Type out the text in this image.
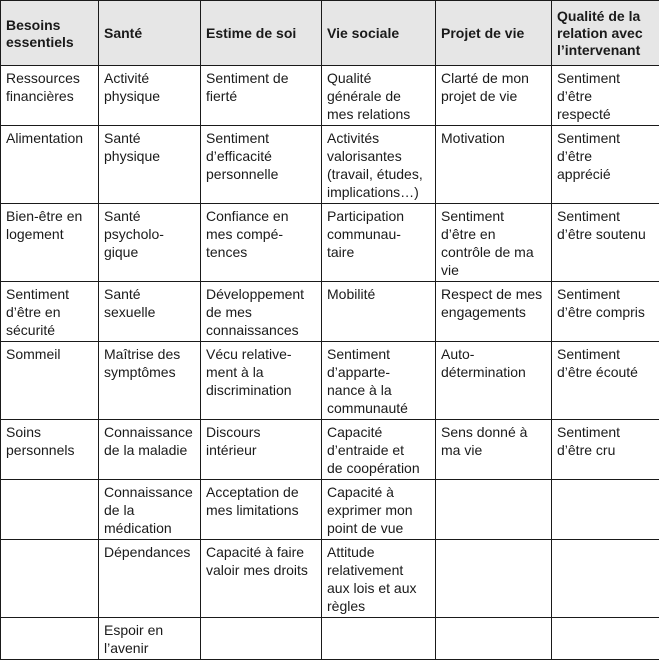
Besoins
essentiels	Santé	Estime de soi	Vie sociale	Projet de vie	Qualité de la
relation avec
l’intervenant

Ressources
financières	Activité
physique	Sentiment de
fierté	Qualité
générale de
mes relations	Clarté de mon
projet de vie	Sentiment
d’être
respecté

Alimentation	Santé
physique	Sentiment
d’efficacité
personnelle	Activités
valorisantes
(travail, études,
implications…)	Motivation	Sentiment
d’être
apprécié

Bien-être en
logement	Santé
psycholo-
gique	Confiance en
mes compé-
tences	Participation
communau-
taire	Sentiment
d’être en
contrôle de ma
vie	Sentiment
d’être soutenu

Sentiment
d’être en
sécurité	Santé
sexuelle	Développement
de mes
connaissances	Mobilité	Respect de mes
engagements	Sentiment
d’être compris

Sommeil	Maîtrise des
symptômes	Vécu relative-
ment à la
discrimination	Sentiment
d’apparte-
nance à la
communauté	Auto-
détermination	Sentiment
d’être écouté

Soins
personnels	Connaissance
de la maladie	Discours
intérieur	Capacité
d’entraide et
de coopération	Sens donné à
ma vie	Sentiment
d’être cru

	Connaissance
de la
médication	Acceptation de
mes limitations	Capacité à
exprimer mon
point de vue		

	Dépendances	Capacité à faire
valoir mes droits	Attitude
relativement
aux lois et aux
règles		

	Espoir en
l’avenir				
